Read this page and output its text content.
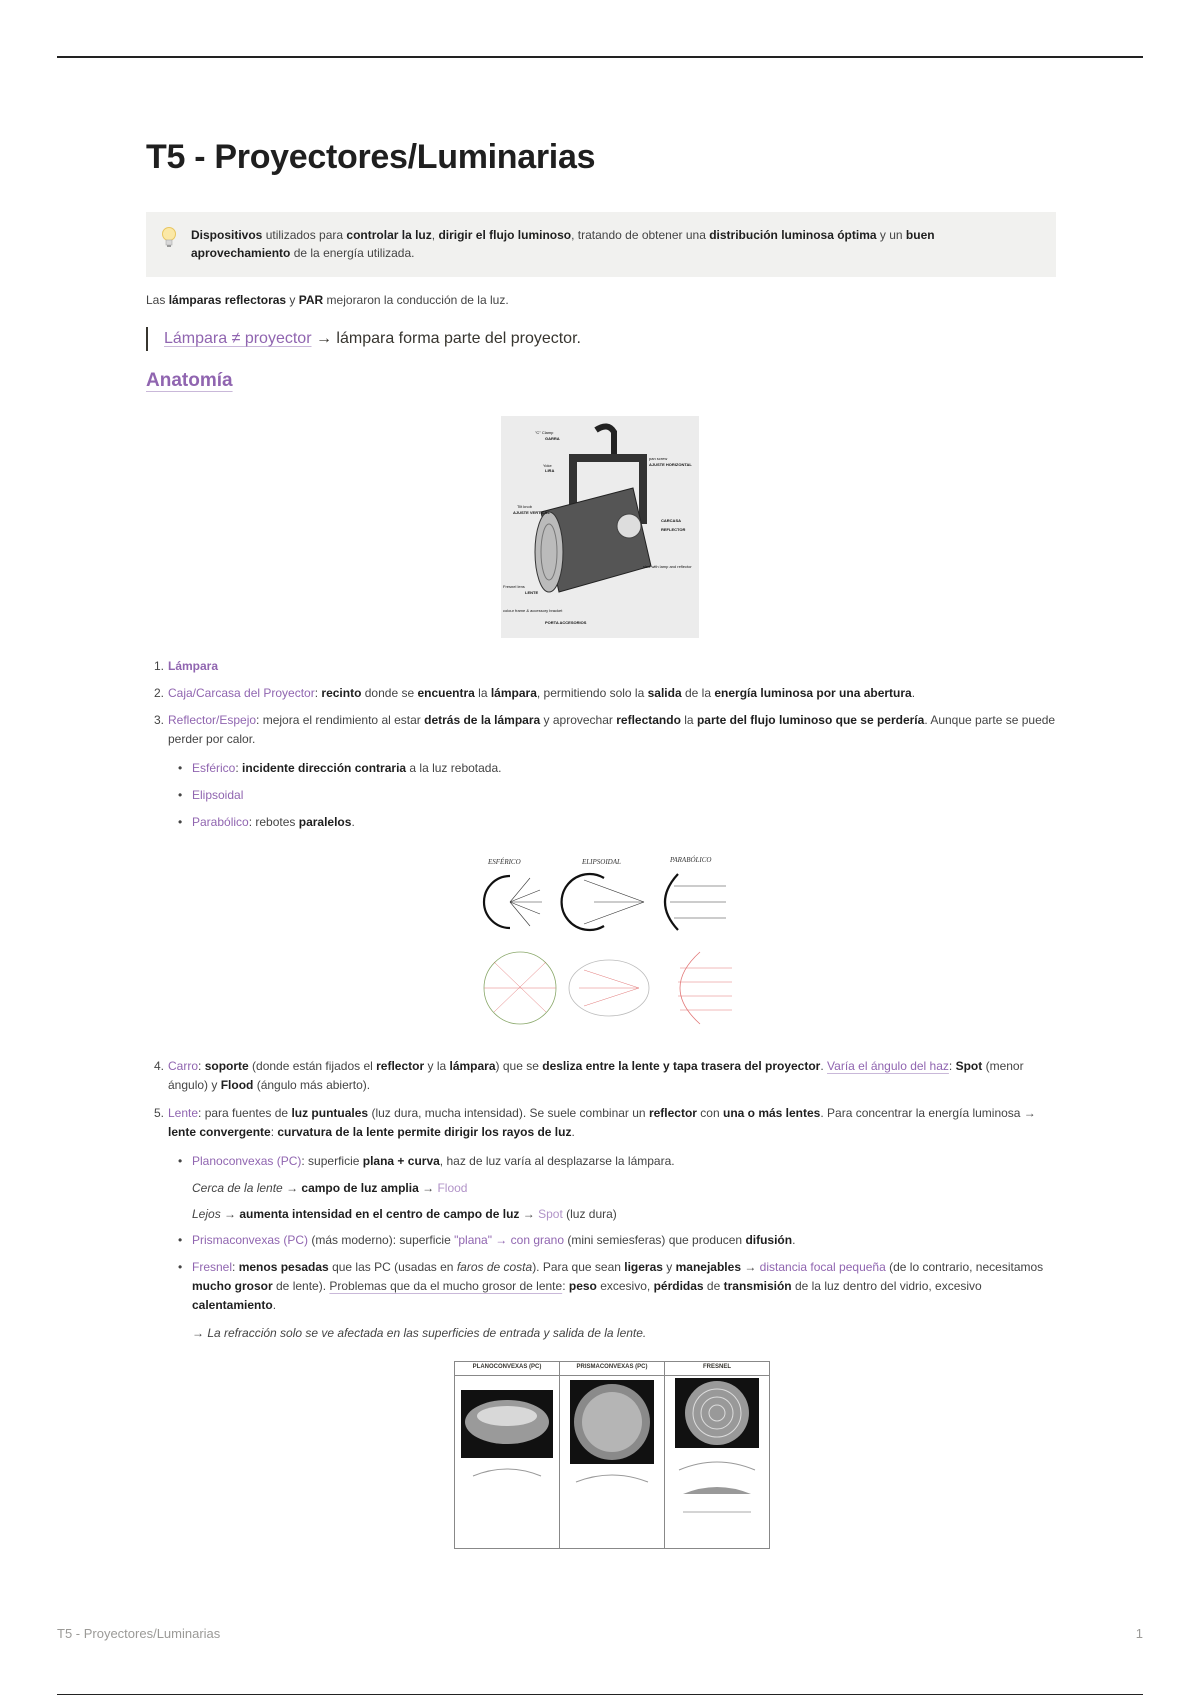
T5 - Proyectores/Luminarias
Dispositivos utilizados para controlar la luz, dirigir el flujo luminoso, tratando de obtener una distribución luminosa óptima y un buen aprovechamiento de la energía utilizada.
Las lámparas reflectoras y PAR mejoraron la conducción de la luz.
Lámpara ≠ proyector → lámpara forma parte del proyector.
Anatomía
"C" Clamp
GARRA
Yoke
LIRA
pan screw
AJUSTE HORIZONTAL
Tilt knob
AJUSTE VERTICAL
CARCASA
REFLECTOR
Fresnel lens
LENTE
sled with lamp and reflector
colour frame & accessory bracket
PORTA ACCESORIOS
1. Lámpara
2. Caja/Carcasa del Proyector: recinto donde se encuentra la lámpara, permitiendo solo la salida de la energía luminosa por una abertura.
3. Reflector/Espejo: mejora el rendimiento al estar detrás de la lámpara y aprovechar reflectando la parte del flujo luminoso que se perdería. Aunque parte se puede perder por calor.
• Esférico: incidente dirección contraria a la luz rebotada.
• Elipsoidal
• Parabólico: rebotes paralelos.
ESFÉRICO	ELIPSOIDAL	PARABÓLICO
4. Carro: soporte (donde están fijados el reflector y la lámpara) que se desliza entre la lente y tapa trasera del proyector. Varía el ángulo del haz: Spot (menor ángulo) y Flood (ángulo más abierto).
5. Lente: para fuentes de luz puntuales (luz dura, mucha intensidad). Se suele combinar un reflector con una o más lentes. Para concentrar la energía luminosa → lente convergente: curvatura de la lente permite dirigir los rayos de luz.
• Planoconvexas (PC): superficie plana + curva, haz de luz varía al desplazarse la lámpara.
Cerca de la lente → campo de luz amplia → Flood
Lejos → aumenta intensidad en el centro de campo de luz → Spot (luz dura)
• Prismaconvexas (PC) (más moderno): superficie "plana" → con grano (mini semiesferas) que producen difusión.
• Fresnel: menos pesadas que las PC (usadas en faros de costa). Para que sean ligeras y manejables → distancia focal pequeña (de lo contrario, necesitamos mucho grosor de lente). Problemas que da el mucho grosor de lente: peso excesivo, pérdidas de transmisión de la luz dentro del vidrio, excesivo calentamiento.
→ La refracción solo se ve afectada en las superficies de entrada y salida de la lente.
PLANOCONVEXAS (PC)	PRISMACONVEXAS (PC)	FRESNEL

T5 - Proyectores/Luminarias	1
